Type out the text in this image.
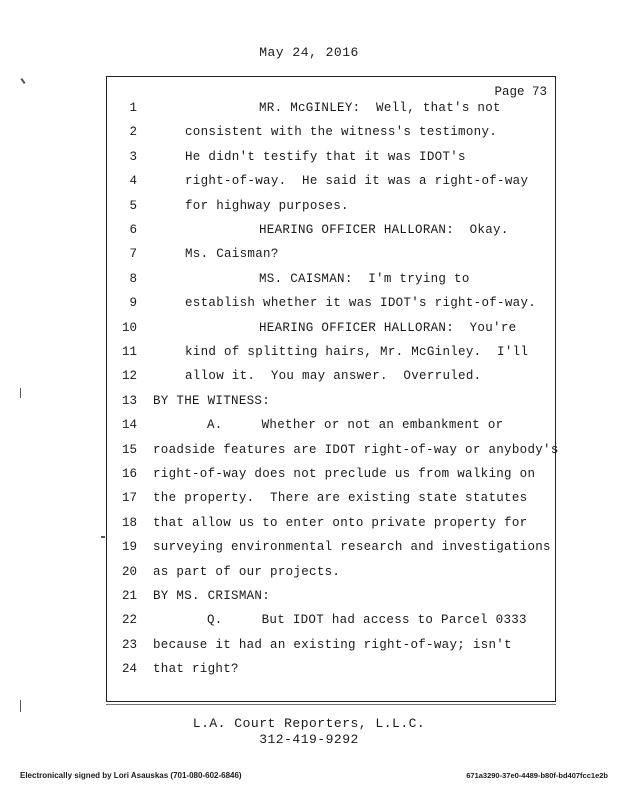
May 24, 2016
Page 73
1	MR. McGINLEY:  Well, that's not
2	consistent with the witness's testimony.
3	He didn't testify that it was IDOT's
4	right-of-way.  He said it was a right-of-way
5	for highway purposes.
6	HEARING OFFICER HALLORAN:  Okay.
7	Ms. Caisman?
8	MS. CAISMAN:  I'm trying to
9	establish whether it was IDOT's right-of-way.
10	HEARING OFFICER HALLORAN:  You're
11	kind of splitting hairs, Mr. McGinley.  I'll
12	allow it.  You may answer.  Overruled.
13 BY THE WITNESS:
14	A.     Whether or not an embankment or
15 roadside features are IDOT right-of-way or anybody's
16 right-of-way does not preclude us from walking on
17 the property.  There are existing state statutes
18 that allow us to enter onto private property for
19 surveying environmental research and investigations
20 as part of our projects.
21 BY MS. CRISMAN:
22	Q.     But IDOT had access to Parcel 0333
23 because it had an existing right-of-way; isn't
24 that right?
L.A. Court Reporters, L.L.C.
312-419-9292
Electronically signed by Lori Asauskas (701-080-602-6846)	671a3290-37e0-4489-b80f-bd407fcc1e2b
